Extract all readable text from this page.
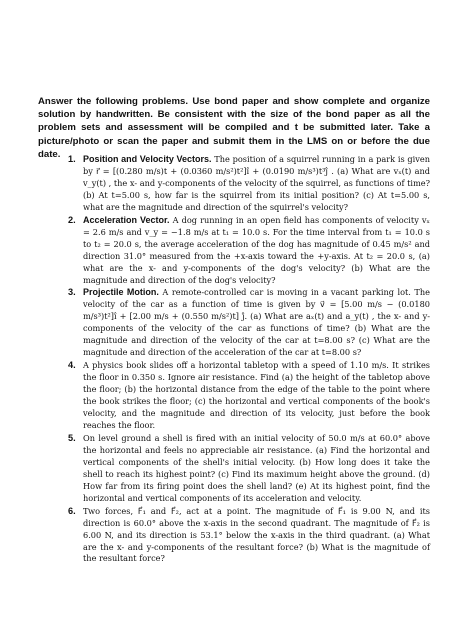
Answer the following problems. Use bond paper and show complete and organize solution by handwritten. Be consistent with the size of the bond paper as all the problem sets and assessment will be compiled and t be submitted later. Take a picture/photo or scan the paper and submit them in the LMS on or before the due date. 1. Position and Velocity Vectors. The position of a squirrel running in a park is given by r⃗ = [(0.280 m/s)t + (0.0360 m/s²)t²]î + (0.0190 m/s³)t³ĵ . (a) What are vₓ(t) and v_y(t) , the x- and y-components of the velocity of the squirrel, as functions of time? (b) At t=5.00 s, how far is the squirrel from its initial position? (c) At t=5.00 s, what are the magnitude and direction of the squirrel's velocity?
2. Acceleration Vector. A dog running in an open field has components of velocity vₓ = 2.6 m/s and v_y = −1.8 m/s at t₁ = 10.0 s. For the time interval from t₁ = 10.0 s to t₂ = 20.0 s, the average acceleration of the dog has magnitude of 0.45 m/s² and direction 31.0° measured from the +x-axis toward the +y-axis. At t₂ = 20.0 s, (a) what are the x- and y-components of the dog's velocity? (b) What are the magnitude and direction of the dog's velocity?
3. Projectile Motion. A remote-controlled car is moving in a vacant parking lot. The velocity of the car as a function of time is given by v⃗ = [5.00 m/s − (0.0180 m/s³)t²]î + [2.00 m/s + (0.550 m/s²)t] ĵ. (a) What are aₓ(t) and a_y(t) , the x- and y-components of the velocity of the car as functions of time? (b) What are the magnitude and direction of the velocity of the car at t=8.00 s? (c) What are the magnitude and direction of the acceleration of the car at t=8.00 s?
4. A physics book slides off a horizontal tabletop with a speed of 1.10 m/s. It strikes the floor in 0.350 s. Ignore air resistance. Find (a) the height of the tabletop above the floor; (b) the horizontal distance from the edge of the table to the point where the book strikes the floor; (c) the horizontal and vertical components of the book's velocity, and the magnitude and direction of its velocity, just before the book reaches the floor.
5. On level ground a shell is fired with an initial velocity of 50.0 m/s at 60.0° above the horizontal and feels no appreciable air resistance. (a) Find the horizontal and vertical components of the shell's initial velocity. (b) How long does it take the shell to reach its highest point? (c) Find its maximum height above the ground. (d) How far from its firing point does the shell land? (e) At its highest point, find the horizontal and vertical components of its acceleration and velocity.
6. Two forces, F⃗₁ and F⃗₂, act at a point. The magnitude of F⃗₁ is 9.00 N, and its direction is 60.0° above the x-axis in the second quadrant. The magnitude of F⃗₂ is 6.00 N, and its direction is 53.1° below the x-axis in the third quadrant. (a) What are the x- and y-components of the resultant force? (b) What is the magnitude of the resultant force?
